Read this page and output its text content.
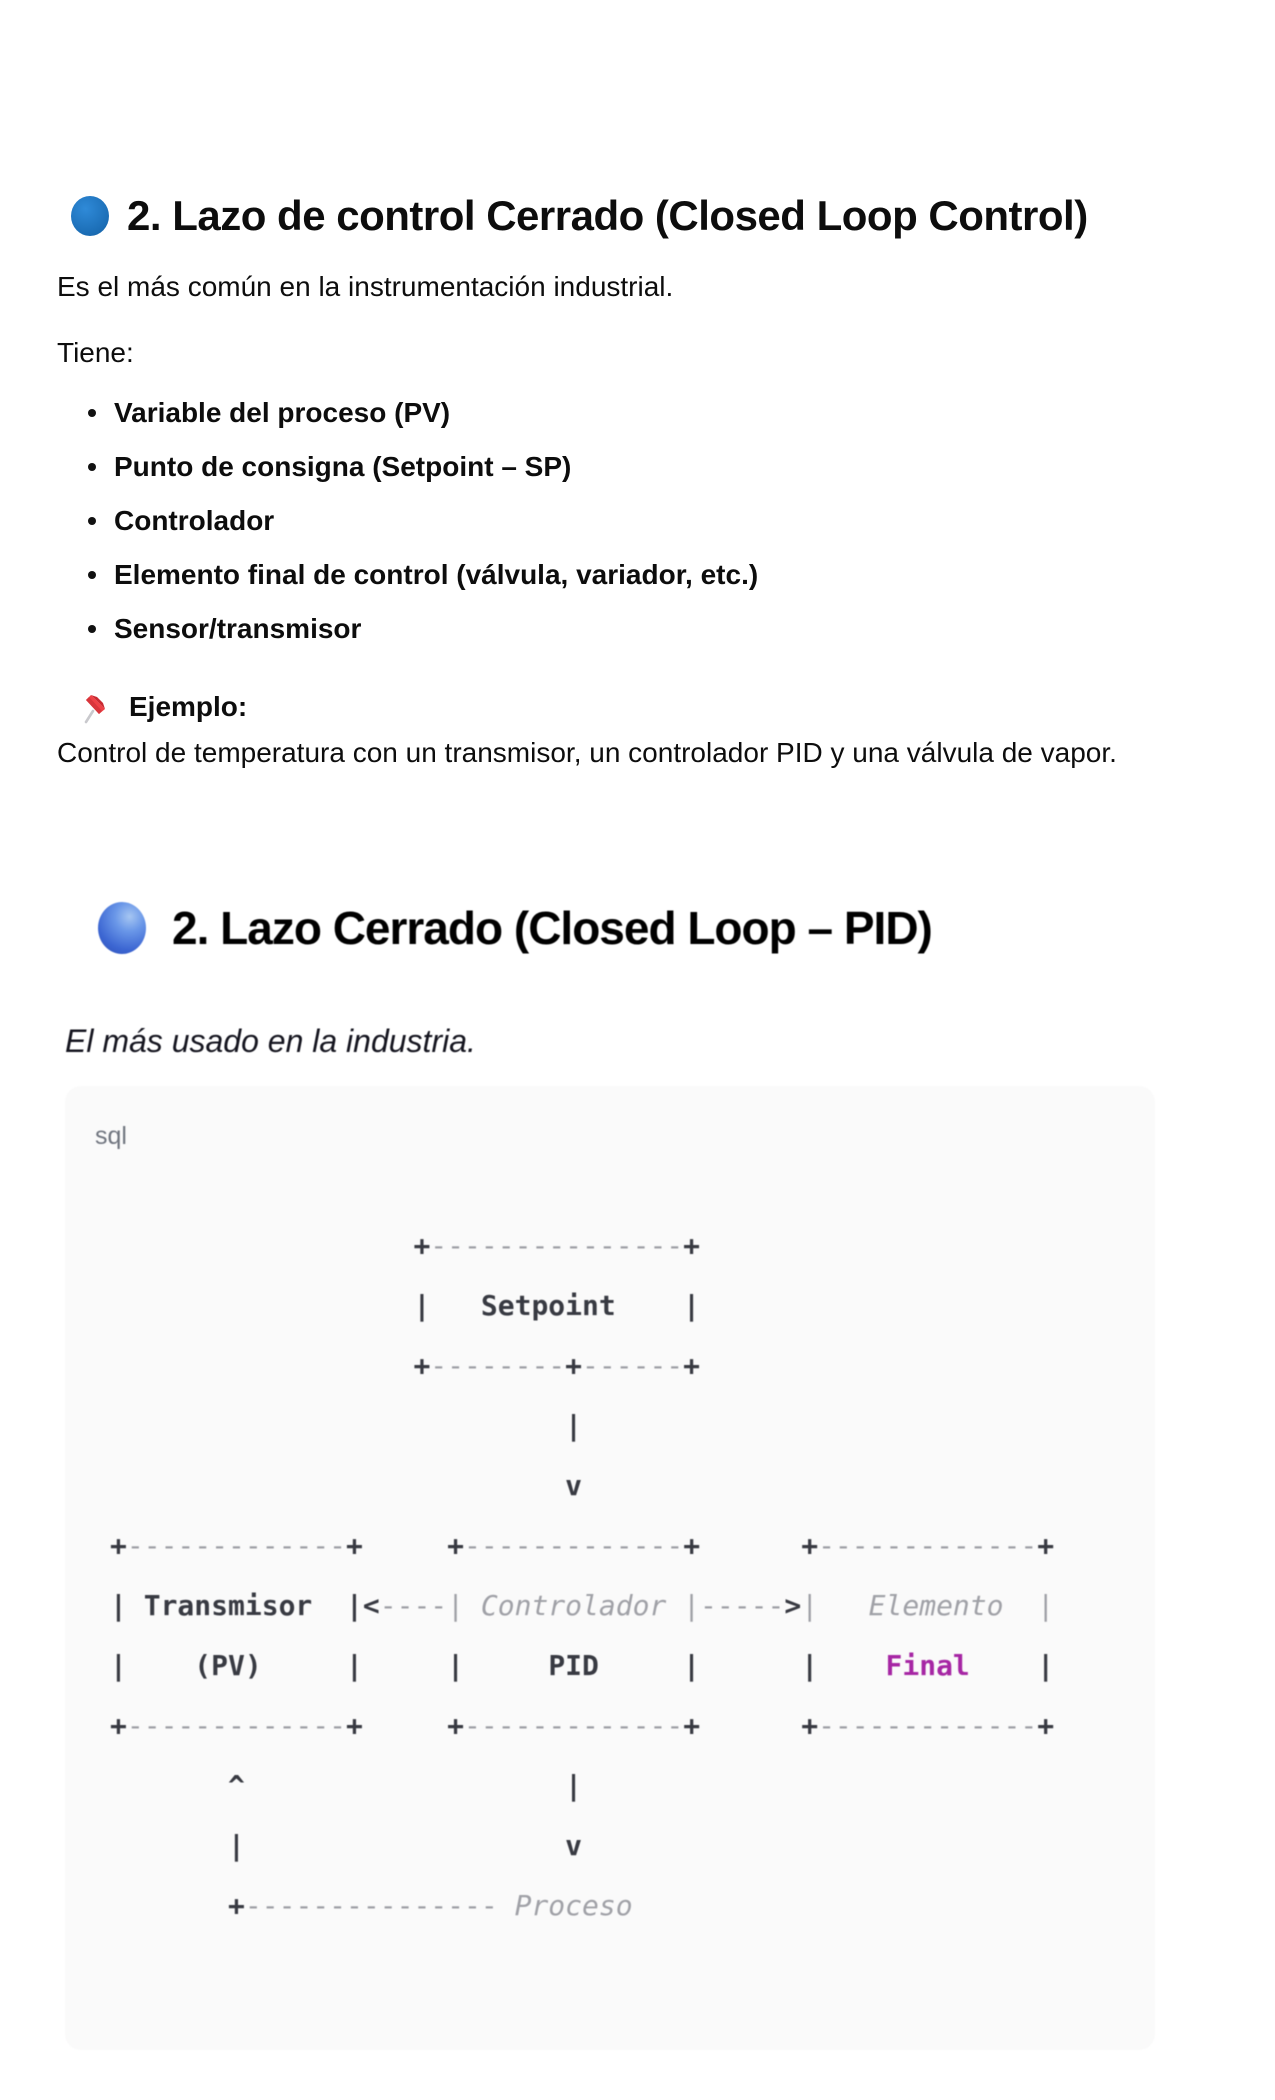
2. Lazo de control Cerrado (Closed Loop Control)

Es el más común en la instrumentación industrial.

Tiene:

Variable del proceso (PV)
Punto de consigna (Setpoint – SP)
Controlador
Elemento final de control (válvula, variador, etc.)
Sensor/transmisor
Ejemplo:

Control de temperatura con un transmisor, un controlador PID y una válvula de vapor.

2. Lazo Cerrado (Closed Loop – PID)

El más usado en la industria.

sql
+---------------+
|   Setpoint    |
+--------+------+
|
v
+-------------+	+-------------+	+-------------+
| Transmisor  |<----| Controlador |----->|   Elemento  |
|    (PV)     |	|     PID     |	|    Final    |
+-------------+	+-------------+	+-------------+
^	|
|	v
+--------------- Proceso
